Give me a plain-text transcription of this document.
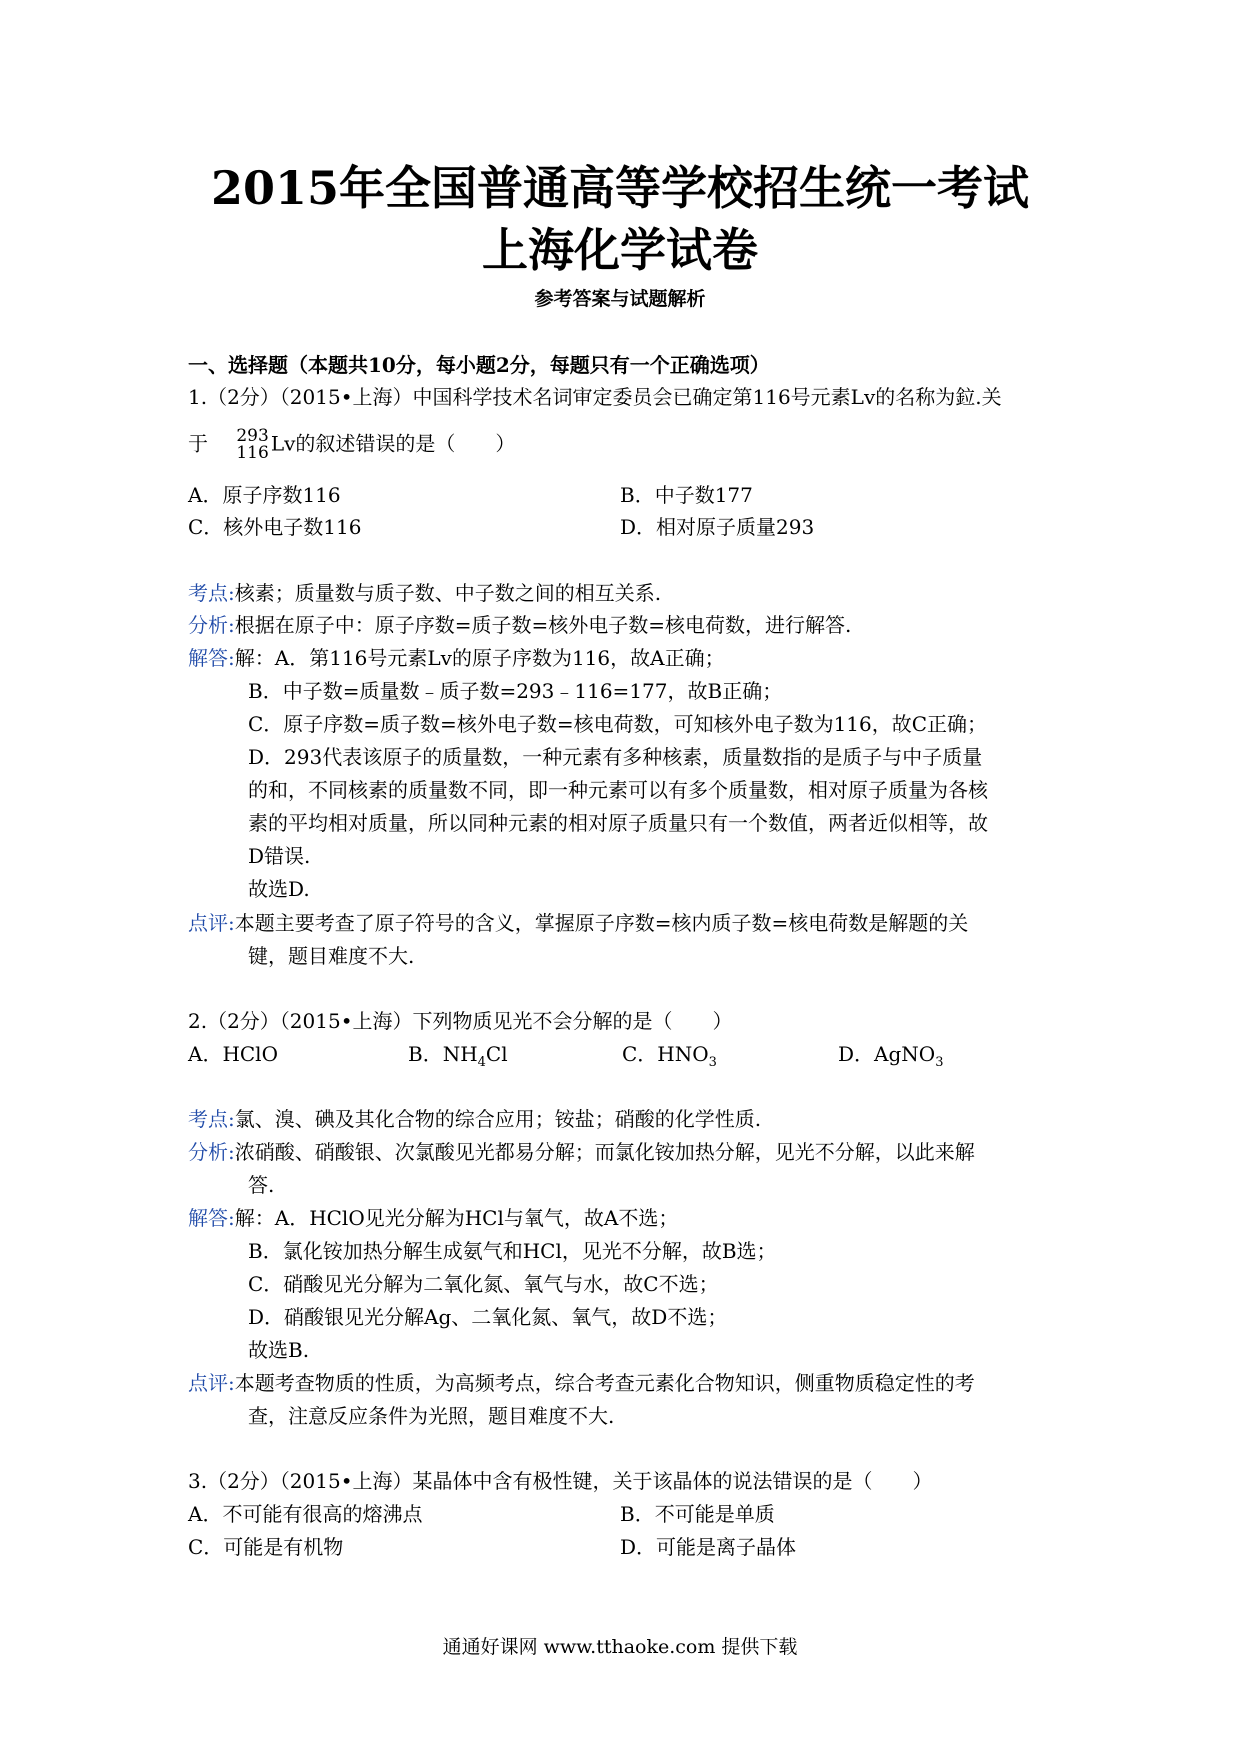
2015年全国普通高等学校招生统一考试
上海化学试卷
参考答案与试题解析
一、选择题（本题共10分，每小题2分，每题只有一个正确选项）
1.（2分）（2015•上海）中国科学技术名词审定委员会已确定第116号元素Lv的名称为鉝.关
于 293
116 Lv的叙述错误的是（　　）
A．原子序数116	B．中子数177
C．核外电子数116	D．相对原子质量293
考点:核素；质量数与质子数、中子数之间的相互关系.
分析:根据在原子中：原子序数=质子数=核外电子数=核电荷数，进行解答.
解答:解：A．第116号元素Lv的原子序数为116，故A正确；
B．中子数=质量数﹣质子数=293﹣116=177，故B正确；
C．原子序数=质子数=核外电子数=核电荷数，可知核外电子数为116，故C正确；
D．293代表该原子的质量数，一种元素有多种核素，质量数指的是质子与中子质量
的和，不同核素的质量数不同，即一种元素可以有多个质量数，相对原子质量为各核
素的平均相对质量，所以同种元素的相对原子质量只有一个数值，两者近似相等，故
D错误.
故选D.
点评:本题主要考查了原子符号的含义，掌握原子序数=核内质子数=核电荷数是解题的关
键，题目难度不大.
2.（2分）（2015•上海）下列物质见光不会分解的是（　　）
A．HClO	B．$NH_4Cl$	C．$HNO_3$	D．AgNO$_3$
考点:氯、溴、碘及其化合物的综合应用；铵盐；硝酸的化学性质.
分析:浓硝酸、硝酸银、次氯酸见光都易分解；而氯化铵加热分解，见光不分解，以此来解
答.
解答:解：A．HClO见光分解为HCl与氧气，故A不选；
B．氯化铵加热分解生成氨气和HCl，见光不分解，故B选；
C．硝酸见光分解为二氧化氮、氧气与水，故C不选；
D．硝酸银见光分解Ag、二氧化氮、氧气，故D不选；
故选B.
点评:本题考查物质的性质，为高频考点，综合考查元素化合物知识，侧重物质稳定性的考
查，注意反应条件为光照，题目难度不大.
3.（2分）（2015•上海）某晶体中含有极性键，关于该晶体的说法错误的是（　　）
A．不可能有很高的熔沸点	B．不可能是单质
C．可能是有机物	D．可能是离子晶体
通通好课网 www.tthaoke.com 提供下载
